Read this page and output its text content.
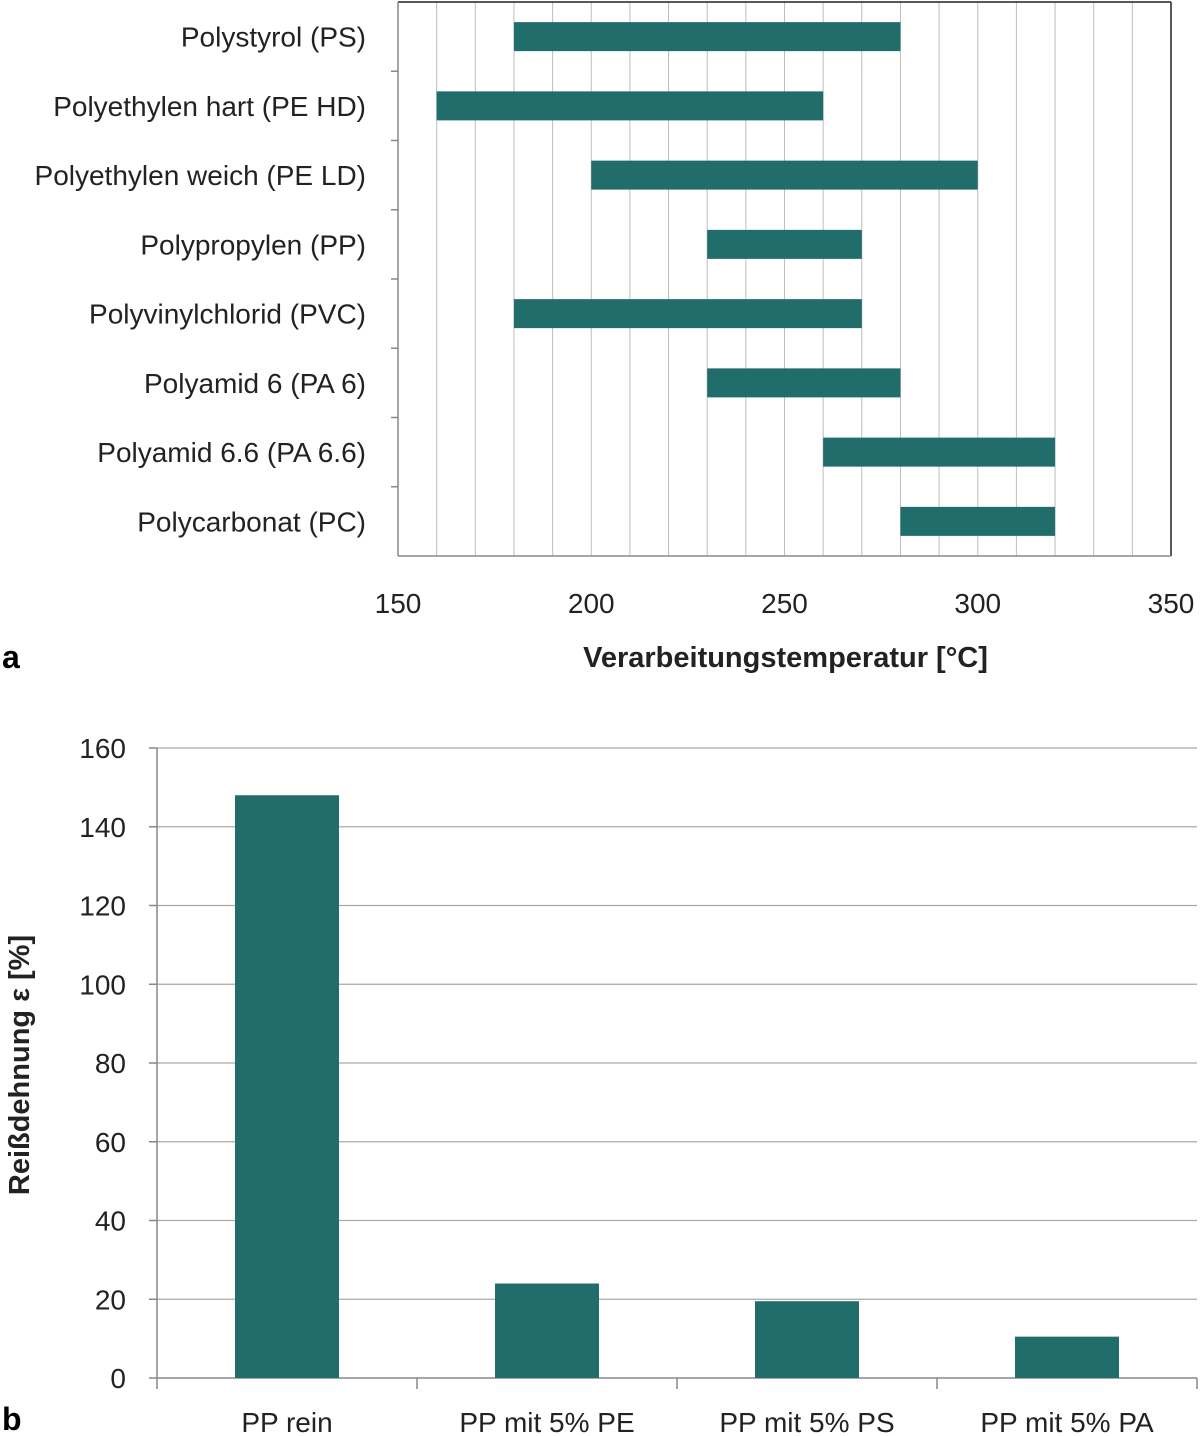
Polystyrol (PS)
Polyethylen hart (PE HD)
Polyethylen weich (PE LD)
Polypropylen (PP)
Polyvinylchlorid (PVC)
Polyamid 6 (PA 6)
Polyamid 6.6 (PA 6.6)
Polycarbonat (PC)
150	200	250	300	350
Verarbeitungstemperatur [°C]
a
0
20
40
60
80
100
120
140
160
PP rein	PP mit 5% PE	PP mit 5% PS	PP mit 5% PA
Reißdehnung ε [%]
b
